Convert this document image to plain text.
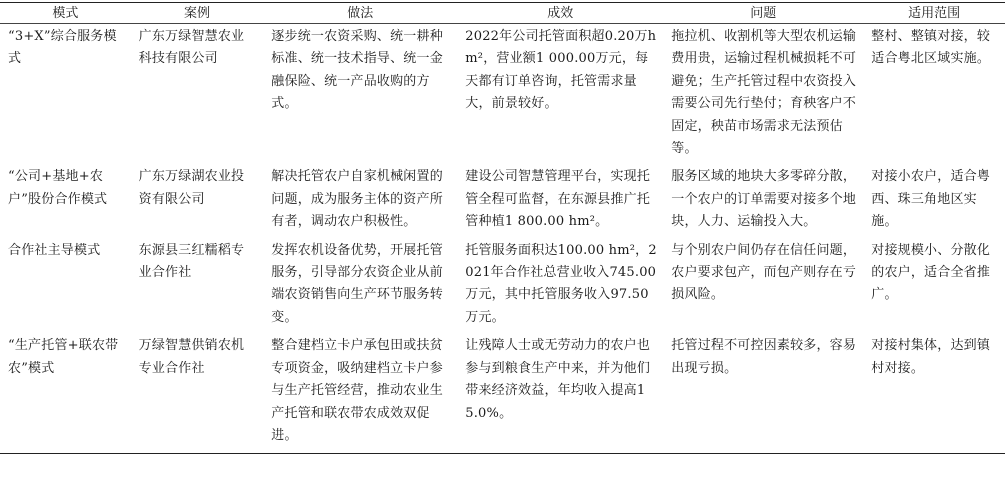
模式	案例	做法	成效	问题	适用范围
“3+X”综合服务模式	广东万绿智慧农业科技有限公司	逐步统一农资采购、统一耕种标准、统一技术指导、统一金融保险、统一产品收购的方式。	2022年公司托管面积超0.20万hm²，营业额1 000.00万元，每天都有订单咨询，托管需求量大，前景较好。	拖拉机、收割机等大型农机运输费用贵，运输过程机械损耗不可避免；生产托管过程中农资投入需要公司先行垫付；育秧客户不固定，秧苗市场需求无法预估等。	整村、整镇对接，较适合粤北区域实施。
“公司+基地+农户”股份合作模式	广东万绿湖农业投资有限公司	解决托管农户自家机械闲置的问题，成为服务主体的资产所有者，调动农户积极性。	建设公司智慧管理平台，实现托管全程可监督，在东源县推广托管种植1 800.00 hm²。	服务区域的地块大多零碎分散，一个农户的订单需要对接多个地块，人力、运输投入大。	对接小农户，适合粤西、珠三角地区实施。
合作社主导模式	东源县三红糯稻专业合作社	发挥农机设备优势，开展托管服务，引导部分农资企业从前端农资销售向生产环节服务转变。	托管服务面积达100.00 hm²，2021年合作社总营业收入745.00万元，其中托管服务收入97.50万元。	与个别农户间仍存在信任问题，农户要求包产，而包产则存在亏损风险。	对接规模小、分散化的农户，适合全省推广。
“生产托管+联农带农”模式	万绿智慧供销农机专业合作社	整合建档立卡户承包田或扶贫专项资金，吸纳建档立卡户参与生产托管经营，推动农业生产托管和联农带农成效双促进。	让残障人士或无劳动力的农户也参与到粮食生产中来，并为他们带来经济效益，年均收入提高15.0%。	托管过程不可控因素较多，容易出现亏损。	对接村集体，达到镇村对接。
